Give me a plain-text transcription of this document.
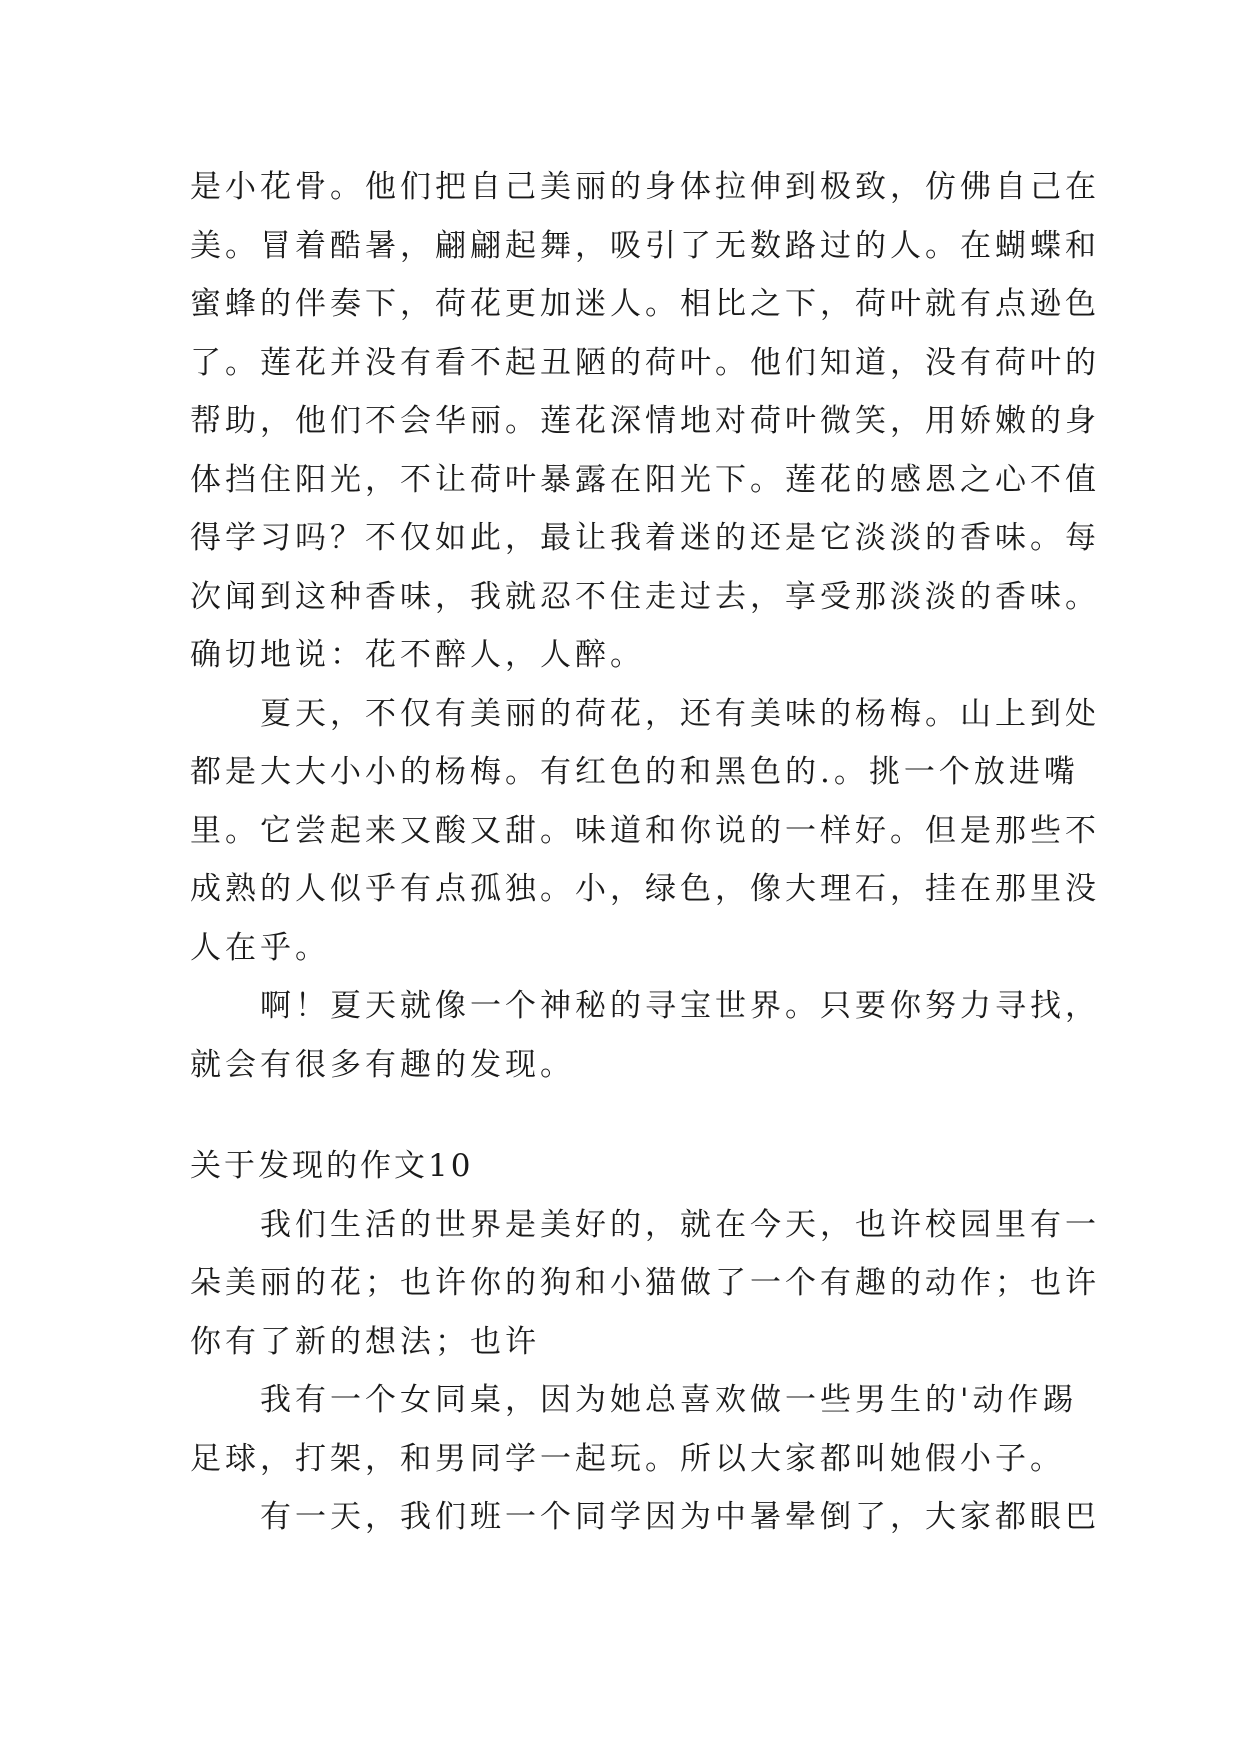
是小花骨。他们把自己美丽的身体拉伸到极致，仿佛自己在
美。冒着酷暑，翩翩起舞，吸引了无数路过的人。在蝴蝶和
蜜蜂的伴奏下，荷花更加迷人。相比之下，荷叶就有点逊色
了。莲花并没有看不起丑陋的荷叶。他们知道，没有荷叶的
帮助，他们不会华丽。莲花深情地对荷叶微笑，用娇嫩的身
体挡住阳光，不让荷叶暴露在阳光下。莲花的感恩之心不值
得学习吗？不仅如此，最让我着迷的还是它淡淡的香味。每
次闻到这种香味，我就忍不住走过去，享受那淡淡的香味。
确切地说：花不醉人，人醉。

夏天，不仅有美丽的荷花，还有美味的杨梅。山上到处
都是大大小小的杨梅。有红色的和黑色的.。挑一个放进嘴
里。它尝起来又酸又甜。味道和你说的一样好。但是那些不
成熟的人似乎有点孤独。小，绿色，像大理石，挂在那里没
人在乎。

啊！夏天就像一个神秘的寻宝世界。只要你努力寻找，
就会有很多有趣的发现。

关于发现的作文10

我们生活的世界是美好的，就在今天，也许校园里有一
朵美丽的花；也许你的狗和小猫做了一个有趣的动作；也许
你有了新的想法；也许

我有一个女同桌，因为她总喜欢做一些男生的'动作踢
足球，打架，和男同学一起玩。所以大家都叫她假小子。

有一天，我们班一个同学因为中暑晕倒了，大家都眼巴
